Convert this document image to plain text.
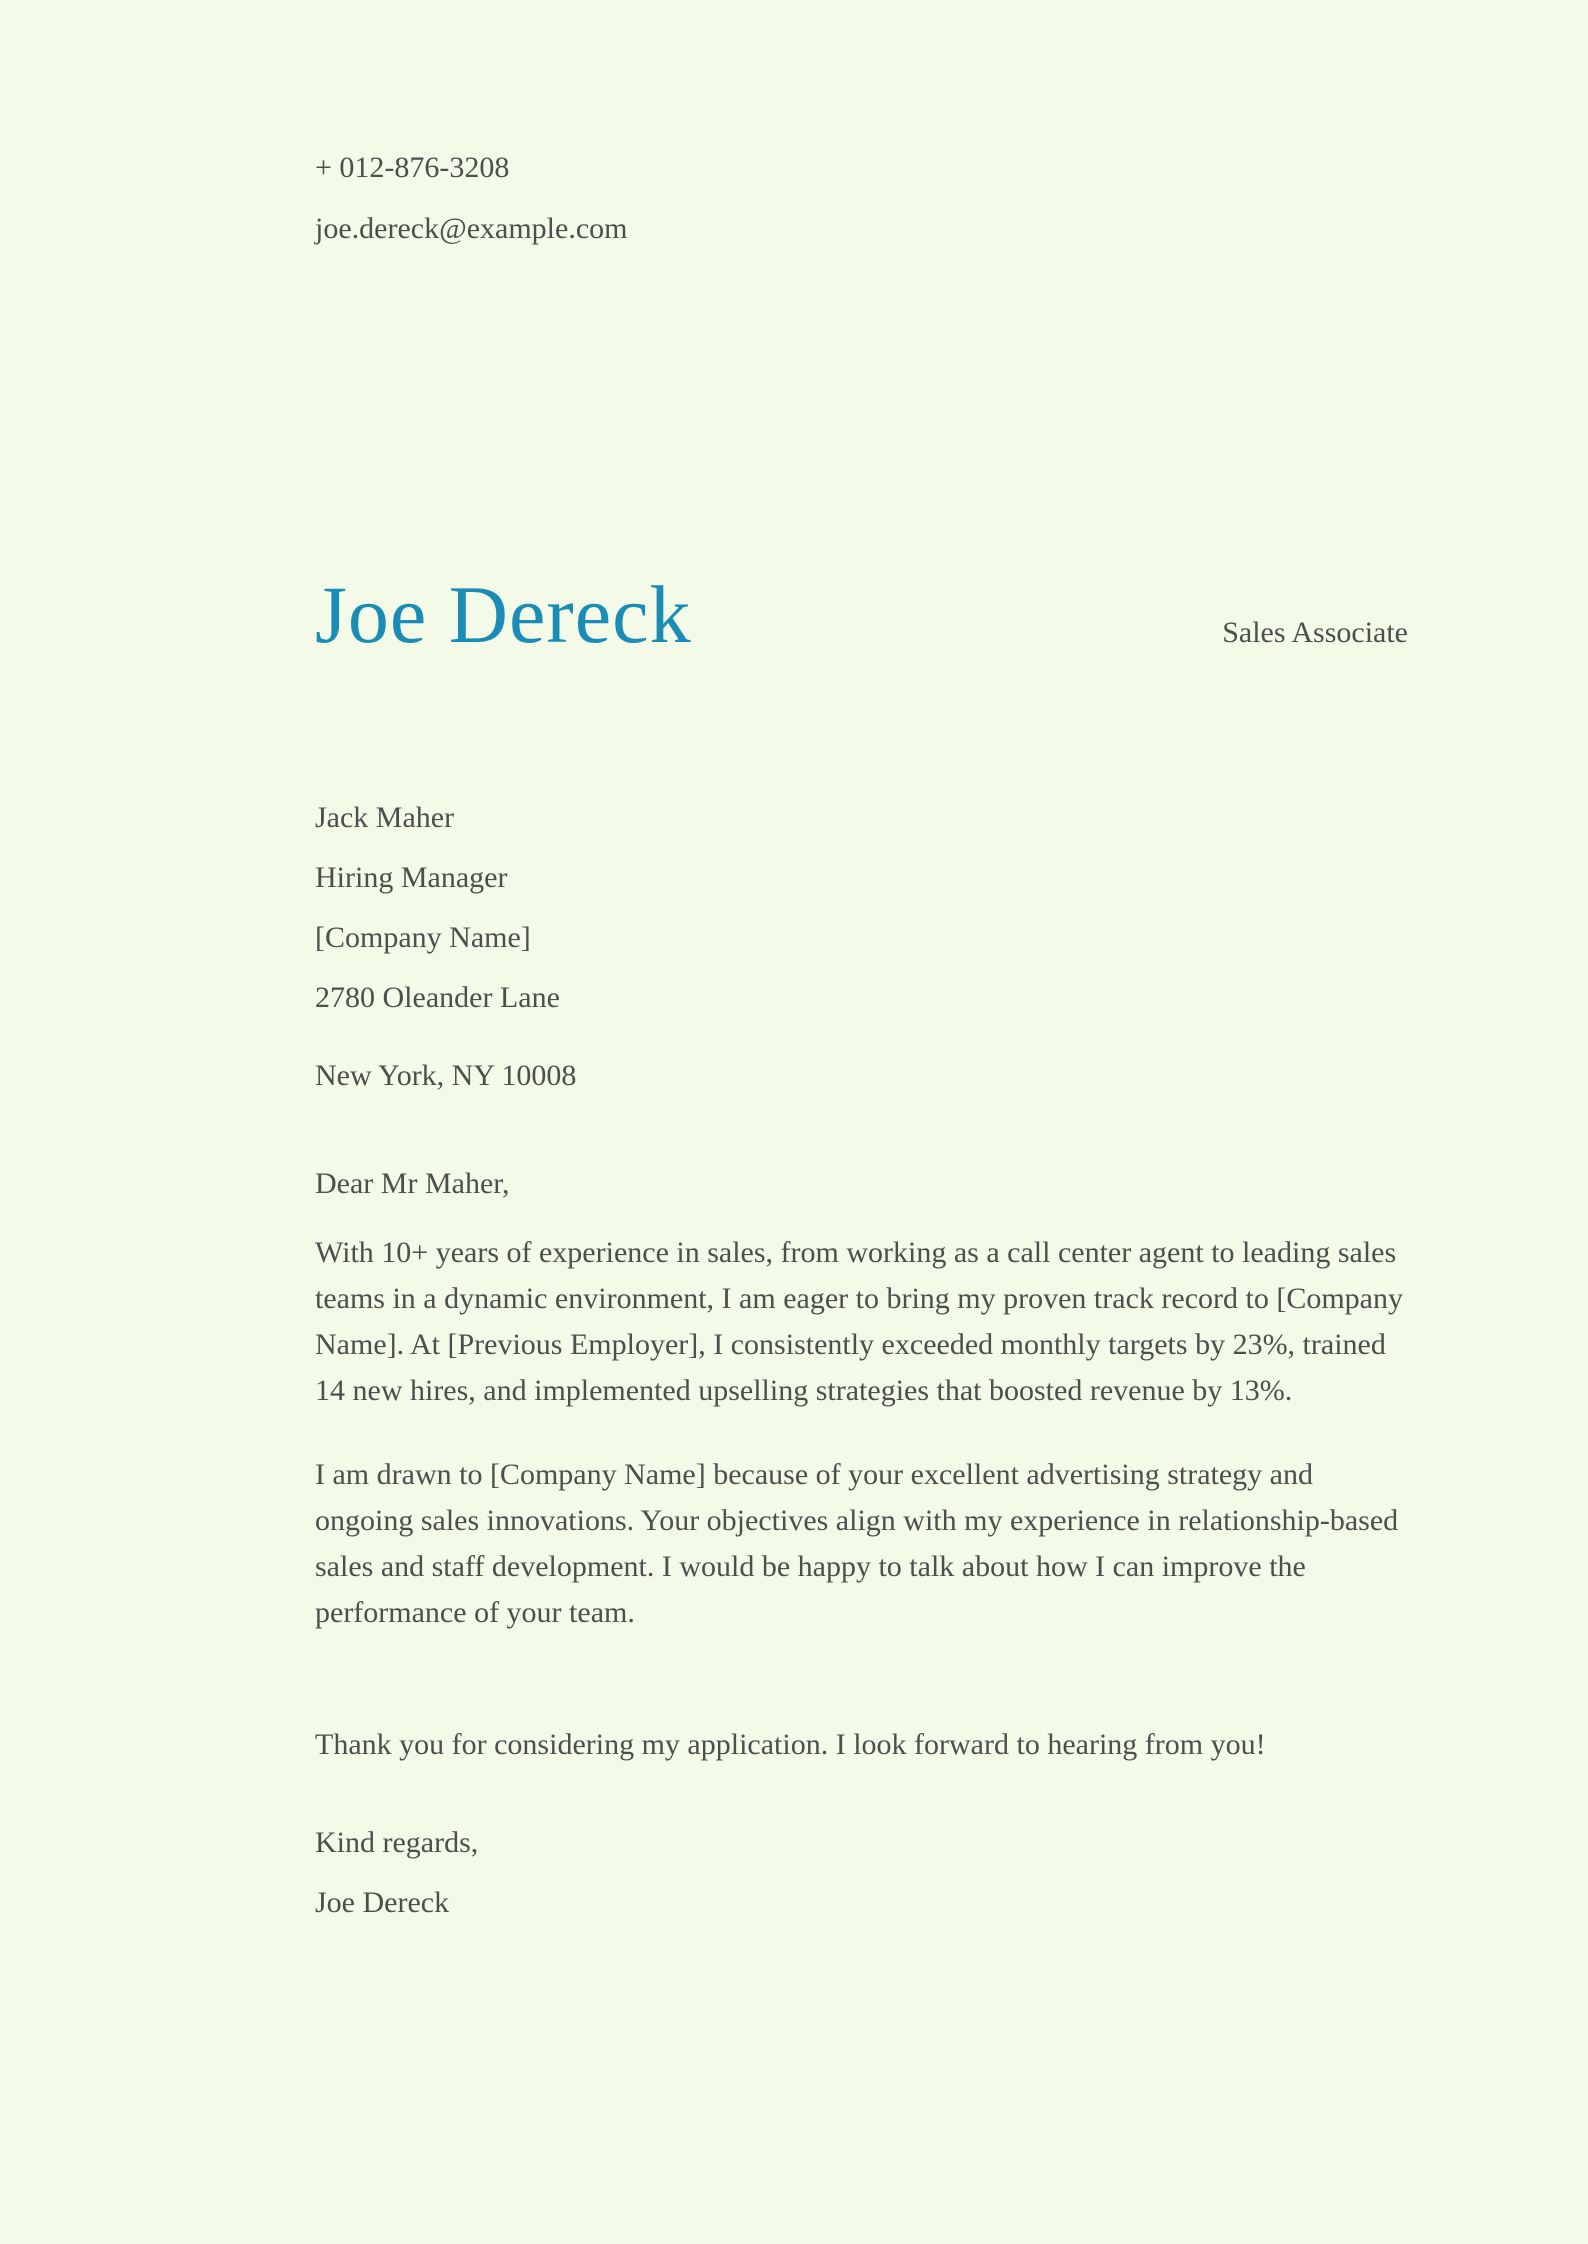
+ 012-876-3208

joe.dereck@example.com

Joe Dereck	Sales Associate

Jack Maher

Hiring Manager

[Company Name]

2780 Oleander Lane

New York, NY 10008

Dear Mr Maher,

With 10+ years of experience in sales, from working as a call center agent to leading sales teams in a dynamic environment, I am eager to bring my proven track record to [Company Name]. At [Previous Employer], I consistently exceeded monthly targets by 23%, trained 14 new hires, and implemented upselling strategies that boosted revenue by 13%.

I am drawn to [Company Name] because of your excellent advertising strategy and ongoing sales innovations. Your objectives align with my experience in relationship-based sales and staff development. I would be happy to talk about how I can improve the performance of your team.

Thank you for considering my application. I look forward to hearing from you!

Kind regards,

Joe Dereck
